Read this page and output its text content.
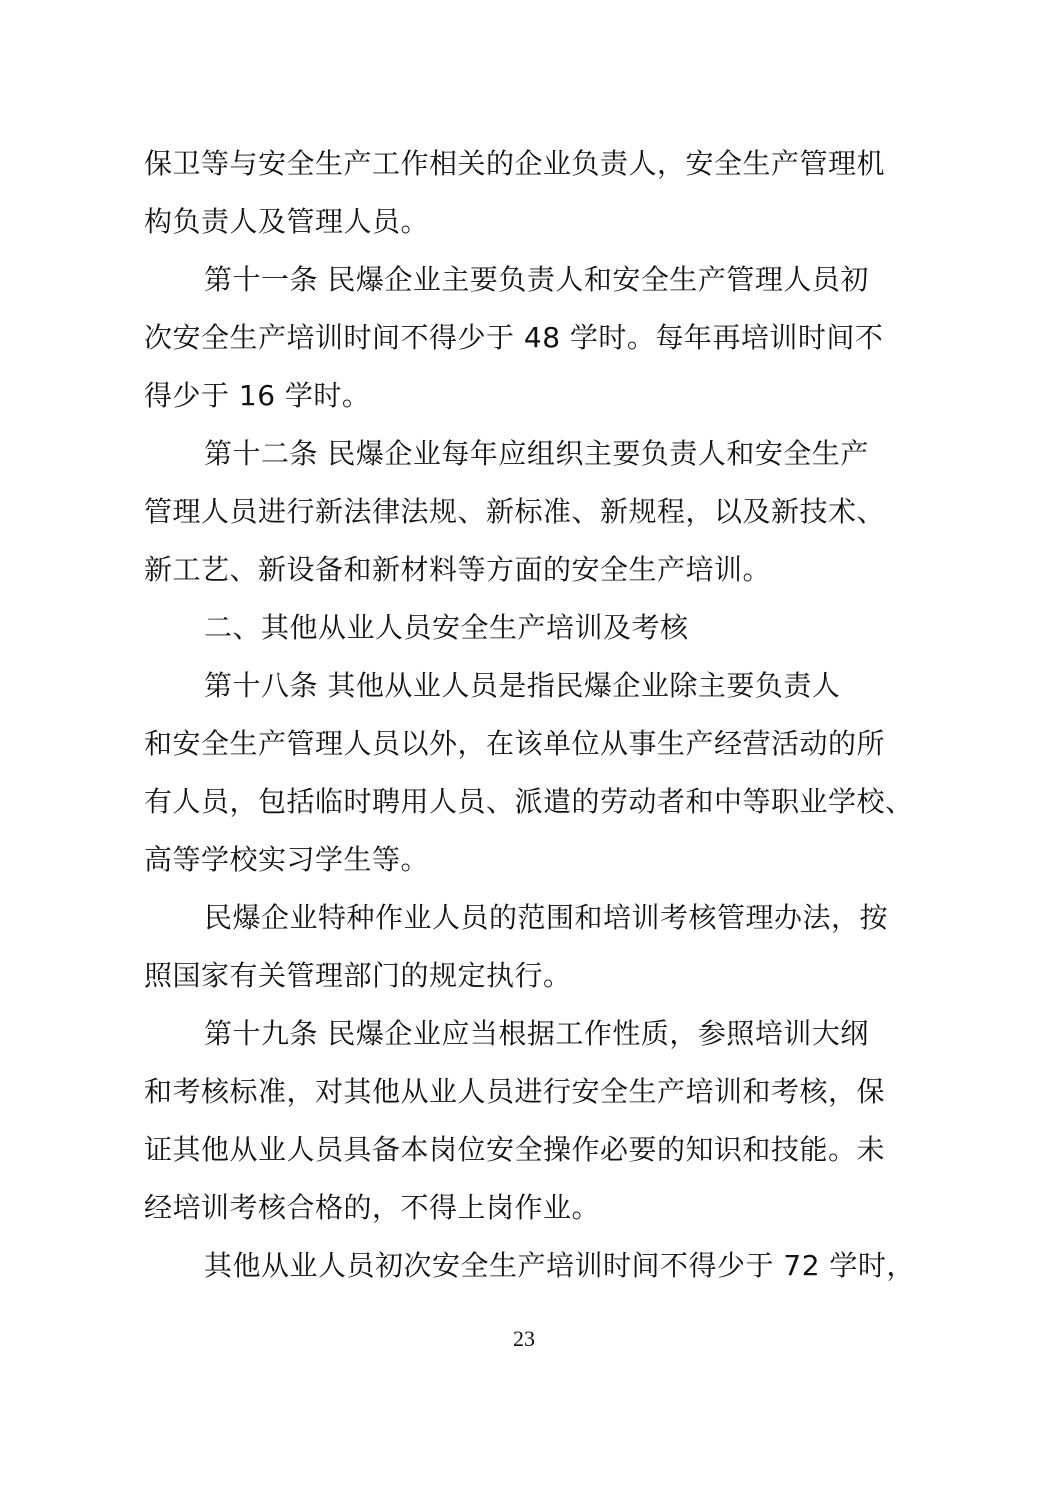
保卫等与安全生产工作相关的企业负责人，安全生产管理机
构负责人及管理人员。
第十一条 民爆企业主要负责人和安全生产管理人员初
次安全生产培训时间不得少于 48 学时。每年再培训时间不
得少于 16 学时。
第十二条 民爆企业每年应组织主要负责人和安全生产
管理人员进行新法律法规、新标准、新规程，以及新技术、
新工艺、新设备和新材料等方面的安全生产培训。
二、其他从业人员安全生产培训及考核
第十八条 其他从业人员是指民爆企业除主要负责人
和安全生产管理人员以外，在该单位从事生产经营活动的所
有人员，包括临时聘用人员、派遣的劳动者和中等职业学校、
高等学校实习学生等。
民爆企业特种作业人员的范围和培训考核管理办法，按
照国家有关管理部门的规定执行。
第十九条 民爆企业应当根据工作性质，参照培训大纲
和考核标准，对其他从业人员进行安全生产培训和考核，保
证其他从业人员具备本岗位安全操作必要的知识和技能。未
经培训考核合格的，不得上岗作业。
其他从业人员初次安全生产培训时间不得少于 72 学时，
23
